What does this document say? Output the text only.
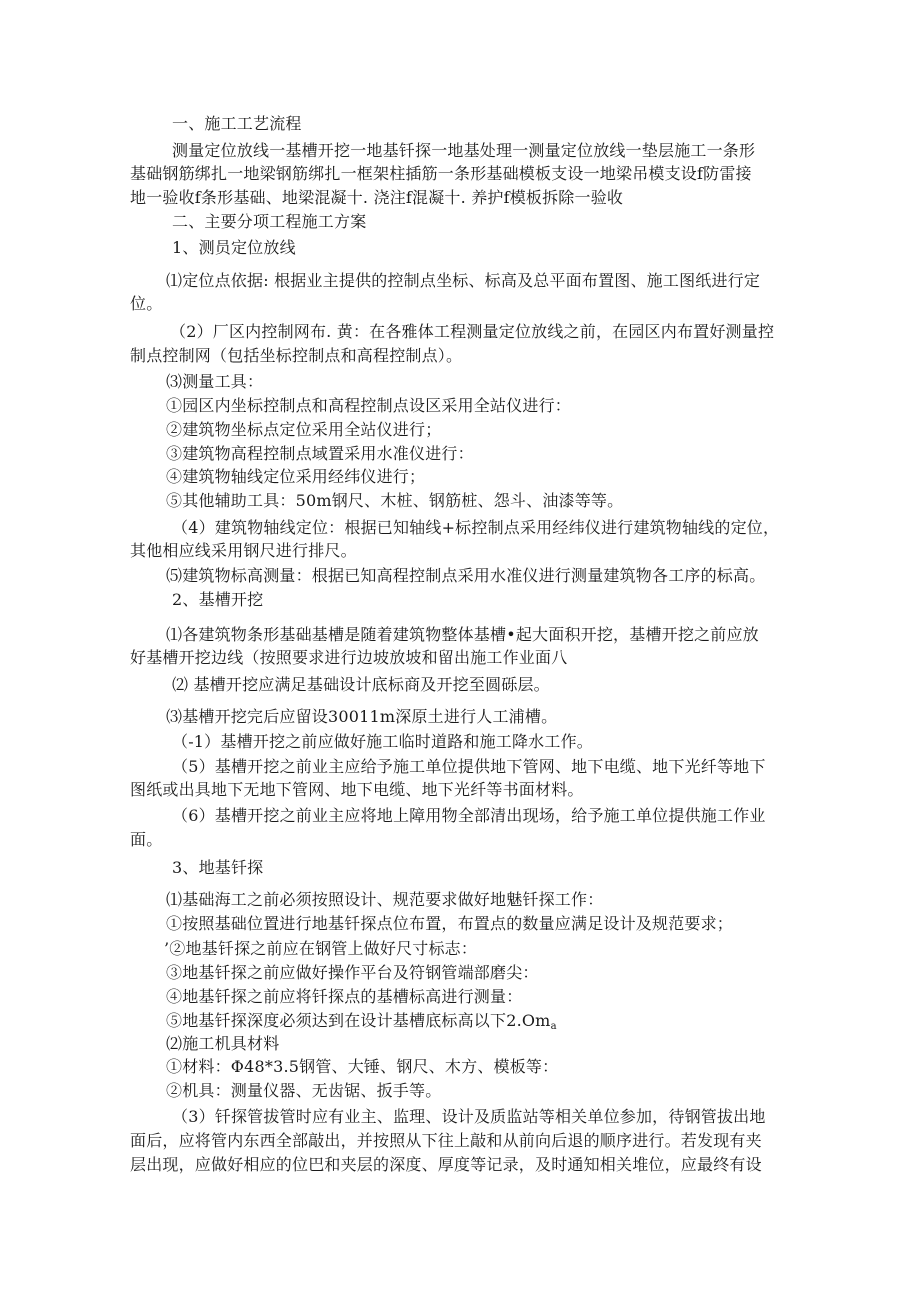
一、施工工艺流程
测量定位放线一基槽开挖一地基钎探一地基处理一测量定位放线一垫层施工一条形
基础钢筋绑扎一地梁钢筋绑扎一框架柱插筋一条形基础模板支设一地梁吊模支设f防雷接
地一验收f条形基础、地梁混凝十. 浇注f混凝十. 养护f模板拆除一验收
二、主要分项工程施工方案
1、测员定位放线
⑴定位点依据: 根据业主提供的控制点坐标、标高及总平面布置图、施工图纸进行定
位。
（2）厂区内控制网布. 黄：在各雅体工程测量定位放线之前，在园区内布置好测量控
制点控制网（包括坐标控制点和高程控制点）。
⑶测量工具：
①园区内坐标控制点和高程控制点设区采用全站仪进行：
②建筑物坐标点定位采用全站仪进行；
③建筑物高程控制点域置采用水准仪进行：
④建筑物轴线定位采用经纬仪进行；
⑤其他辅助工具：50m钢尺、木桩、钢筋桩、怨斗、油漆等等。
（4）建筑物轴线定位：根据已知轴线+标控制点采用经纬仪进行建筑物轴线的定位，
其他相应线采用钢尺进行排尺。
⑸建筑物标高测量：根据已知高程控制点采用水准仪进行测量建筑物各工序的标高。
2、基槽开挖
⑴各建筑物条形基础基槽是随着建筑物整体基槽•起大面积开挖，基槽开挖之前应放
好基槽开挖边线（按照要求进行边坡放坡和留出施工作业面八
⑵ 基槽开挖应满足基础设计底标商及开挖至圆砾层。
⑶基槽开挖完后应留设30011m深原土进行人工浦槽。
（-1）基槽开挖之前应做好施工临时道路和施工降水工作。
（5）基槽开挖之前业主应给予施工单位提供地下管网、地下电缆、地下光纤等地下
图纸或出具地下无地下管网、地下电缆、地下光纤等书面材料。
（6）基槽开挖之前业主应将地上障用物全部清出现场，给予施工单位提供施工作业
面。
3、地基钎探
⑴基础海工之前必须按照设计、规范要求做好地魅钎探工作：
①按照基础位置进行地基钎探点位布置，布置点的数量应满足设计及规范要求；
’②地基钎探之前应在钢管上做好尺寸标志：
③地基钎探之前应做好操作平台及符钢管端部磨尖：
④地基钎探之前应将钎探点的基槽标高进行测量：
⑤地基钎探深度必须达到在设计基槽底标高以下$2.Om_a$
⑵施工机具材料
①材料：Φ48*3.5钢管、大锤、钢尺、木方、模板等：
②机具：测量仪器、无齿锯、扳手等。
（3）钎探管拔管时应有业主、监理、设计及质监站等相关单位参加，待钢管拔出地
面后，应将管内东西全部敲出，并按照从下往上敲和从前向后退的顺序进行。若发现有夹
层出现，应做好相应的位巴和夹层的深度、厚度等记录，及时通知相关堆位，应最终有设
